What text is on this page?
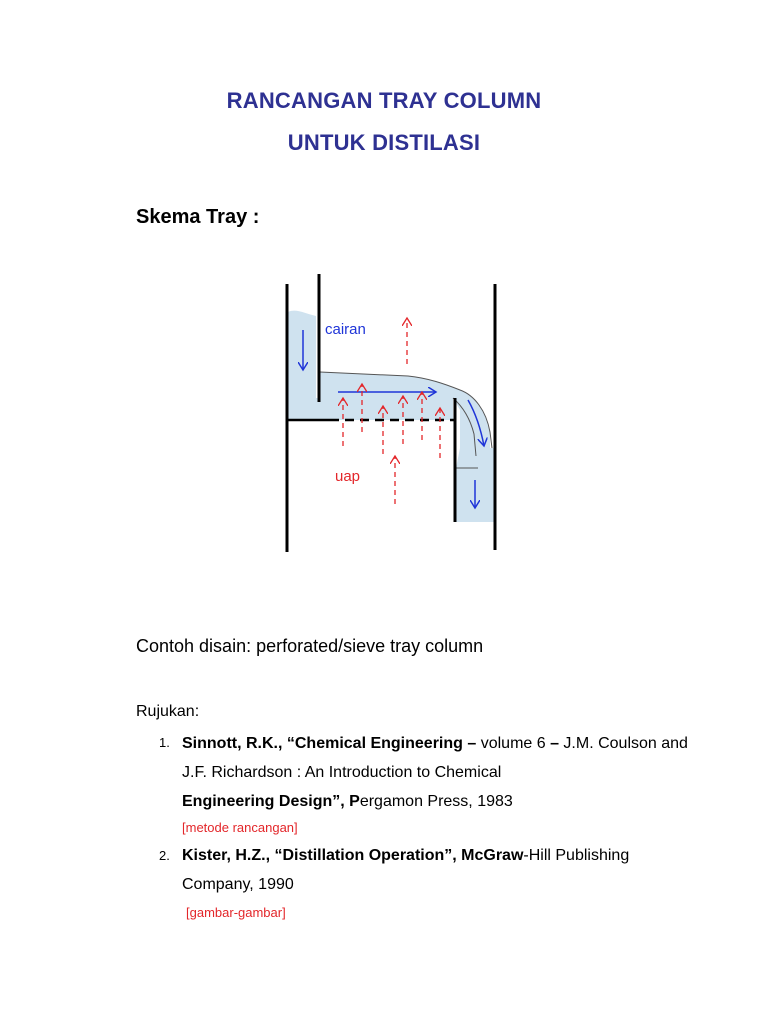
RANCANGAN TRAY COLUMN
UNTUK DISTILASI
Skema Tray :
cairan
uap
Contoh disain: perforated/sieve tray column
Rujukan:
1. Sinnott, R.K., “Chemical Engineering – volume 6 – J.M. Coulson and J.F. Richardson : An Introduction to Chemical
Engineering Design”, Pergamon Press, 1983
[metode rancangan]
2. Kister, H.Z., “Distillation Operation”, McGraw-Hill Publishing Company, 1990
[gambar-gambar]
